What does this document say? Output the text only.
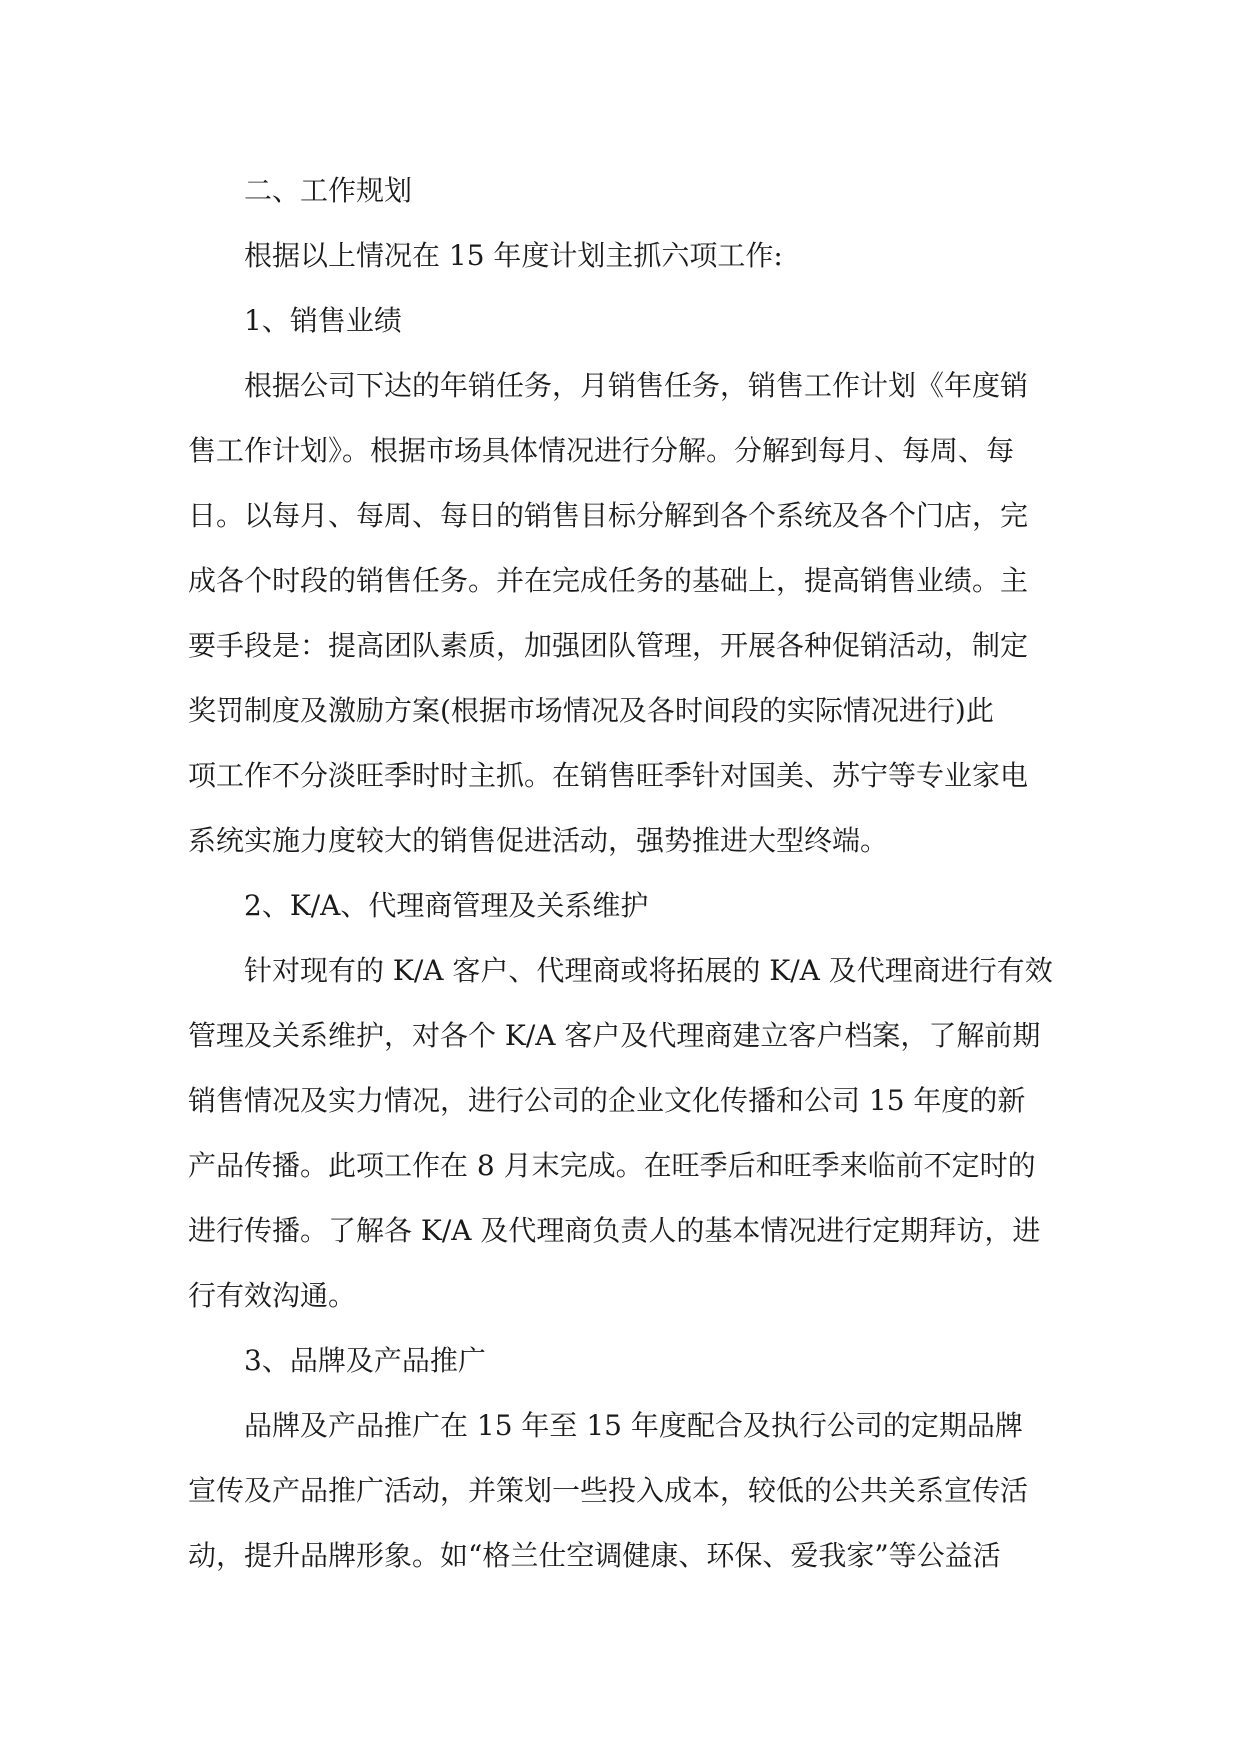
二、工作规划
根据以上情况在 15 年度计划主抓六项工作:
1、销售业绩
根据公司下达的年销任务，月销售任务，销售工作计划《年度销
售工作计划》。根据市场具体情况进行分解。分解到每月、每周、每
日。以每月、每周、每日的销售目标分解到各个系统及各个门店，完
成各个时段的销售任务。并在完成任务的基础上，提高销售业绩。主
要手段是：提高团队素质，加强团队管理，开展各种促销活动，制定
奖罚制度及激励方案(根据市场情况及各时间段的实际情况进行)此
项工作不分淡旺季时时主抓。在销售旺季针对国美、苏宁等专业家电
系统实施力度较大的销售促进活动，强势推进大型终端。
2、K/A、代理商管理及关系维护
针对现有的 K/A 客户、代理商或将拓展的 K/A 及代理商进行有效
管理及关系维护，对各个 K/A 客户及代理商建立客户档案，了解前期
销售情况及实力情况，进行公司的企业文化传播和公司 15 年度的新
产品传播。此项工作在 8 月末完成。在旺季后和旺季来临前不定时的
进行传播。了解各 K/A 及代理商负责人的基本情况进行定期拜访，进
行有效沟通。
3、品牌及产品推广
品牌及产品推广在 15 年至 15 年度配合及执行公司的定期品牌
宣传及产品推广活动，并策划一些投入成本，较低的公共关系宣传活
动，提升品牌形象。如“格兰仕空调健康、环保、爱我家”等公益活
